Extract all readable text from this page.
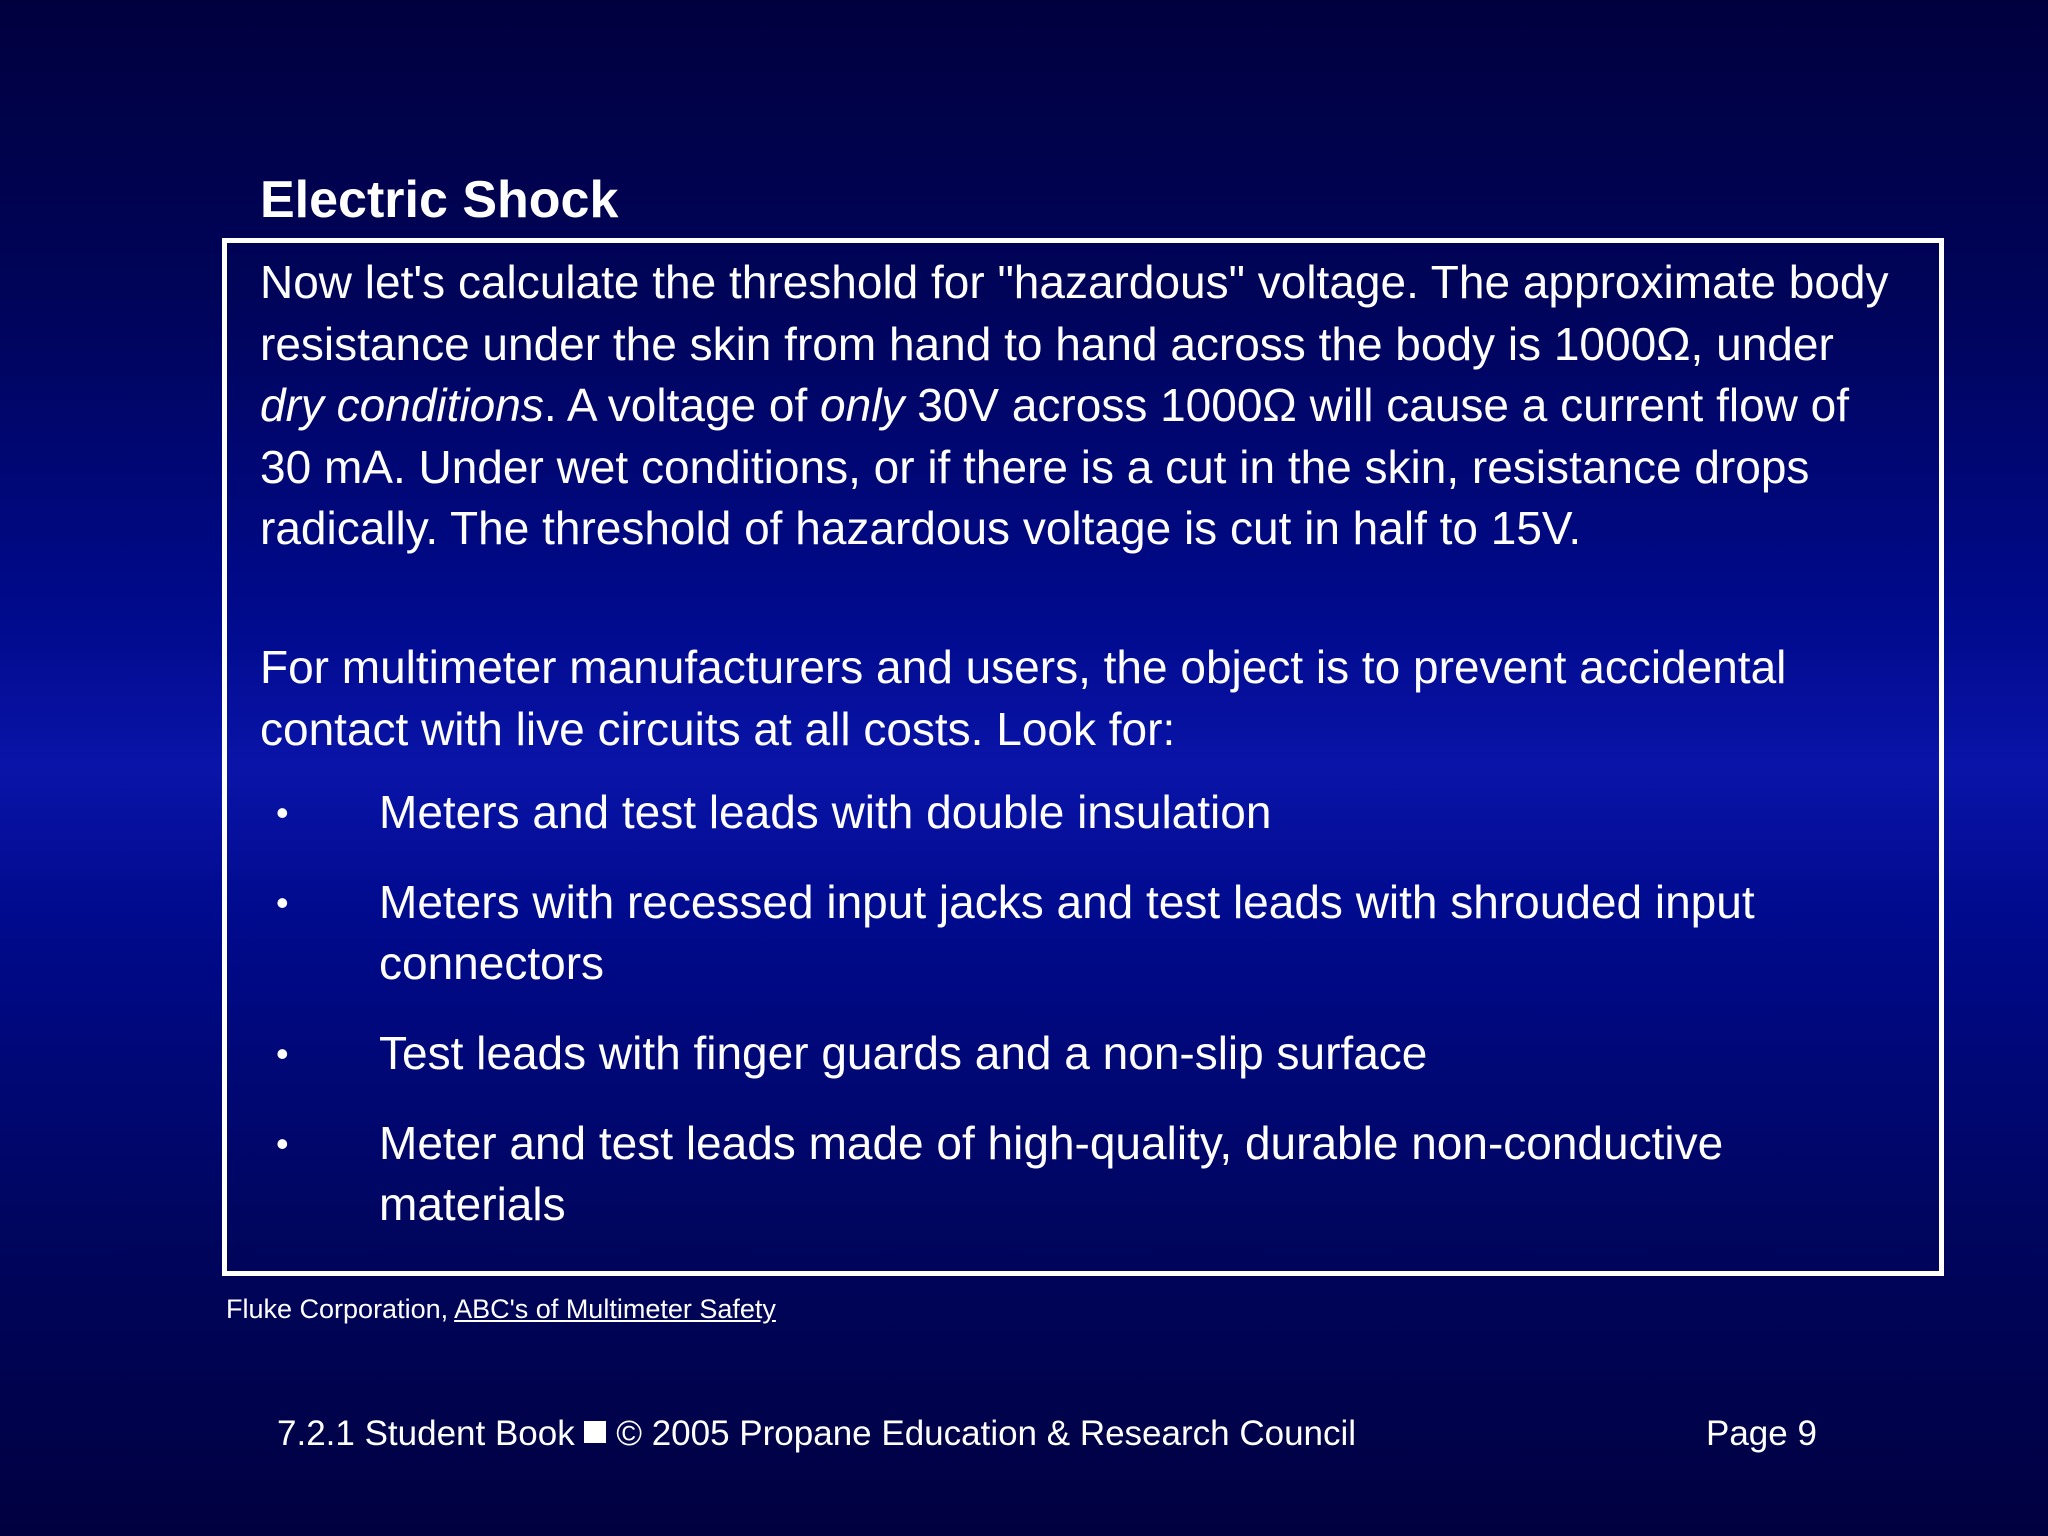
Electric Shock

Now let's calculate the threshold for "hazardous" voltage. The approximate body resistance under the skin from hand to hand across the body is 1000Ω, under dry conditions. A voltage of only 30V across 1000Ω will cause a current flow of 30 mA. Under wet conditions, or if there is a cut in the skin, resistance drops radically. The threshold of hazardous voltage is cut in half to 15V.

For multimeter manufacturers and users, the object is to prevent accidental contact with live circuits at all costs. Look for:

• Meters and test leads with double insulation
• Meters with recessed input jacks and test leads with shrouded input connectors
• Test leads with finger guards and a non-slip surface
• Meter and test leads made of high-quality, durable non-conductive materials
Fluke Corporation, ABC's of Multimeter Safety
7.2.1 Student Book © 2005 Propane Education & Research Council	Page 9
